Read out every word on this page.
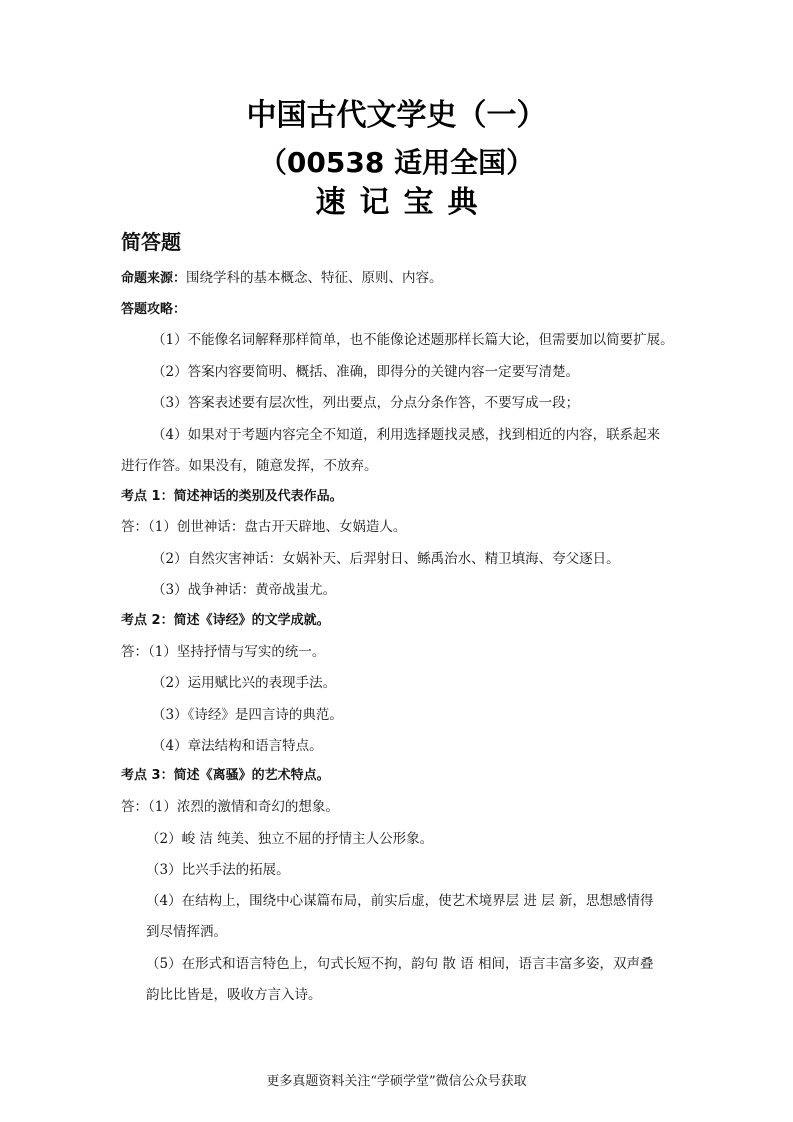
中国古代文学史（一）
（00538 适用全国）
速记宝典
简答题
命题来源：围绕学科的基本概念、特征、原则、内容。
答题攻略：
（1）不能像名词解释那样简单，也不能像论述题那样长篇大论，但需要加以简要扩展。
（2）答案内容要简明、概括、准确，即得分的关键内容一定要写清楚。
（3）答案表述要有层次性，列出要点，分点分条作答，不要写成一段；
（4）如果对于考题内容完全不知道，利用选择题找灵感，找到相近的内容，联系起来
进行作答。如果没有，随意发挥，不放弃。
考点 1：简述神话的类别及代表作品。
答：（1）创世神话：盘古开天辟地、女娲造人。
（2）自然灾害神话：女娲补天、后羿射日、鲧禹治水、精卫填海、夸父逐日。
（3）战争神话：黄帝战蚩尤。
考点 2：简述《诗经》的文学成就。
答：（1）坚持抒情与写实的统一。
（2）运用赋比兴的表现手法。
（3）《诗经》是四言诗的典范。
（4）章法结构和语言特点。
考点 3：简述《离骚》的艺术特点。
答：（1）浓烈的激情和奇幻的想象。
（2）峻 洁 纯美、独立不屈的抒情主人公形象。
（3）比兴手法的拓展。
（4）在结构上，围绕中心谋篇布局，前实后虚，使艺术境界层 进 层 新，思想感情得
到尽情挥洒。
（5）在形式和语言特色上，句式长短不拘，韵句 散 语 相间，语言丰富多姿，双声叠
韵比比皆是，吸收方言入诗。
更多真题资料关注“学硕学堂”微信公众号获取
